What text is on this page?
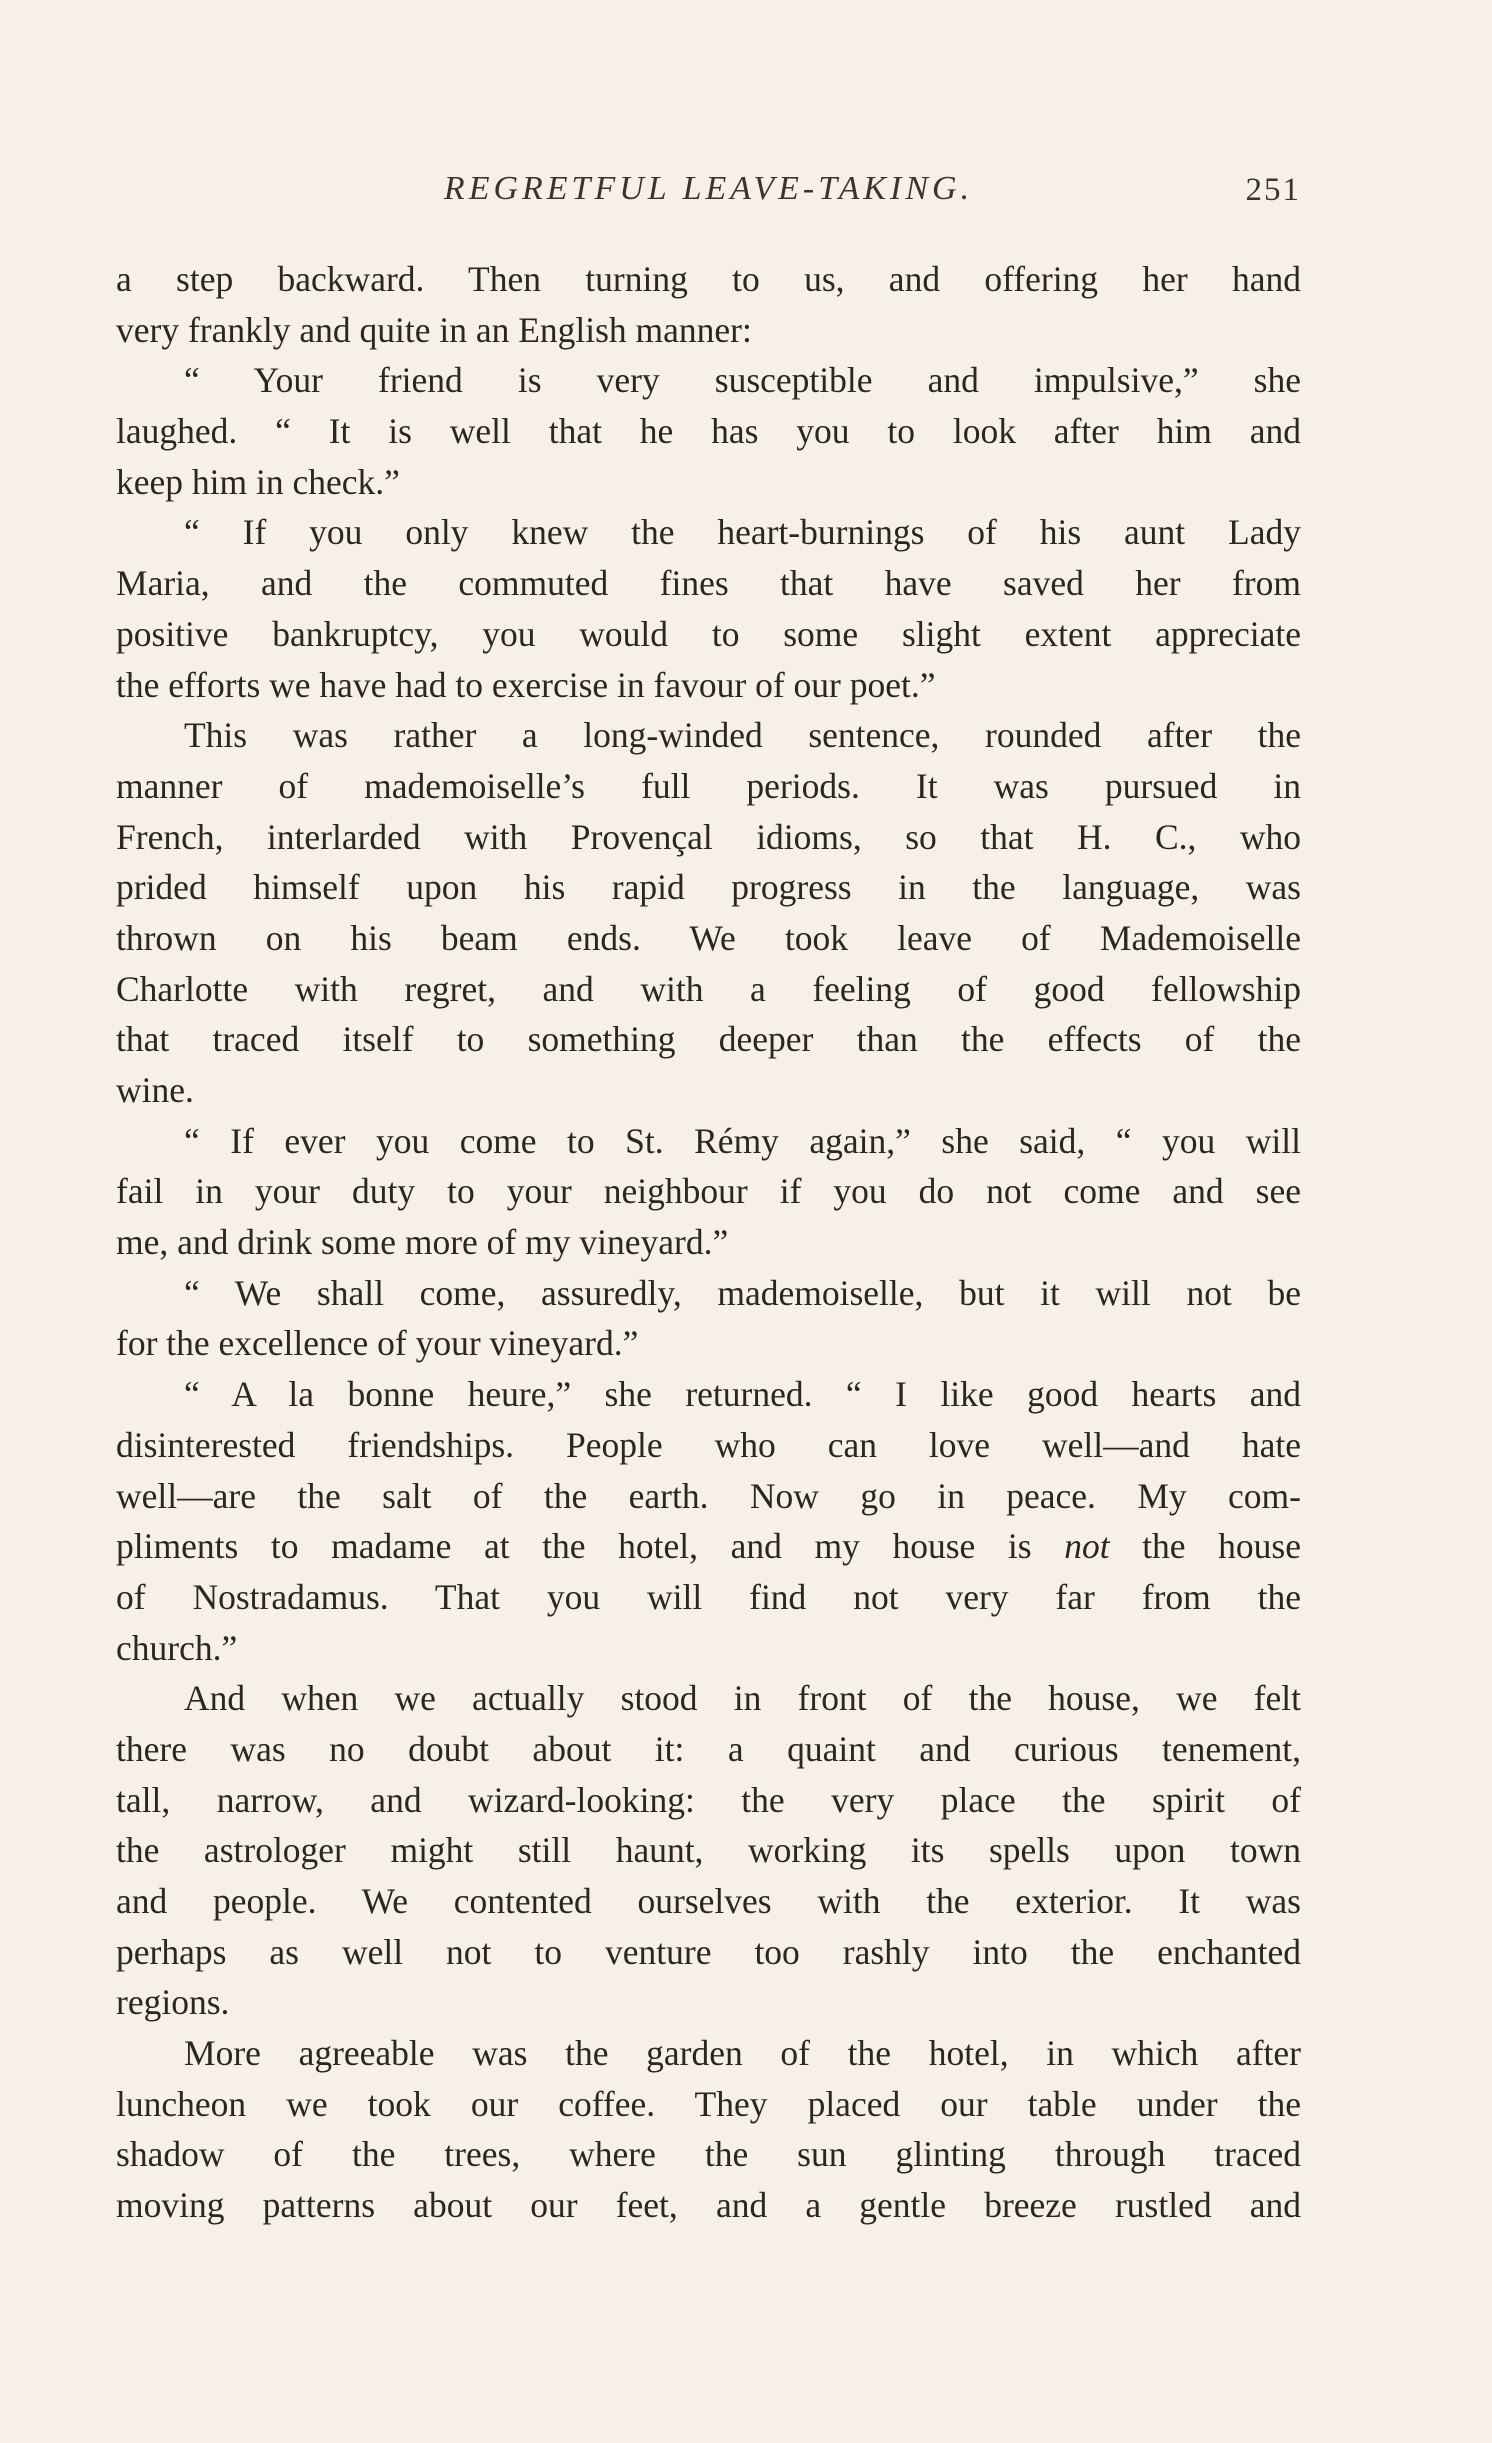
REGRETFUL LEAVE-TAKING.	251
a step backward. Then turning to us, and offering her hand
very frankly and quite in an English manner:
“ Your friend is very susceptible and impulsive,” she
laughed. “ It is well that he has you to look after him and
keep him in check.”
“ If you only knew the heart-burnings of his aunt Lady
Maria, and the commuted fines that have saved her from
positive bankruptcy, you would to some slight extent appreciate
the efforts we have had to exercise in favour of our poet.”
This was rather a long-winded sentence, rounded after the
manner of mademoiselle’s full periods. It was pursued in
French, interlarded with Provençal idioms, so that H. C., who
prided himself upon his rapid progress in the language, was
thrown on his beam ends. We took leave of Mademoiselle
Charlotte with regret, and with a feeling of good fellowship
that traced itself to something deeper than the effects of the
wine.
“ If ever you come to St. Rémy again,” she said, “ you will
fail in your duty to your neighbour if you do not come and see
me, and drink some more of my vineyard.”
“ We shall come, assuredly, mademoiselle, but it will not be
for the excellence of your vineyard.”
“ A la bonne heure,” she returned. “ I like good hearts and
disinterested friendships. People who can love well—and hate
well—are the salt of the earth. Now go in peace. My com-
pliments to madame at the hotel, and my house is not the house
of Nostradamus. That you will find not very far from the
church.”
And when we actually stood in front of the house, we felt
there was no doubt about it: a quaint and curious tenement,
tall, narrow, and wizard-looking: the very place the spirit of
the astrologer might still haunt, working its spells upon town
and people. We contented ourselves with the exterior. It was
perhaps as well not to venture too rashly into the enchanted
regions.
More agreeable was the garden of the hotel, in which after
luncheon we took our coffee. They placed our table under the
shadow of the trees, where the sun glinting through traced
moving patterns about our feet, and a gentle breeze rustled and
